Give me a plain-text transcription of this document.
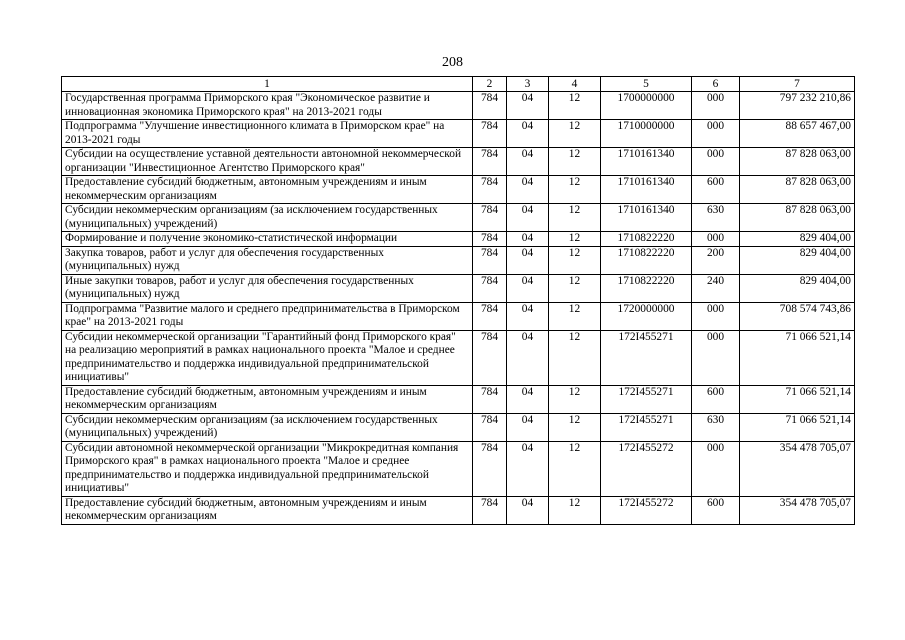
208
1	2	3	4	5	6	7
Государственная программа Приморского края "Экономическое развитие и инновационная экономика Приморского края" на 2013-2021 годы	784	04	12	1700000000	000	797 232 210,86
Подпрограмма "Улучшение инвестиционного климата в Приморском крае" на 2013-2021 годы	784	04	12	1710000000	000	88 657 467,00
Субсидии на осуществление уставной деятельности автономной некоммерческой организации "Инвестиционное Агентство Приморского края"	784	04	12	1710161340	000	87 828 063,00
Предоставление субсидий бюджетным, автономным учреждениям и иным некоммерческим организациям	784	04	12	1710161340	600	87 828 063,00
Субсидии некоммерческим организациям (за исключением государственных (муниципальных) учреждений)	784	04	12	1710161340	630	87 828 063,00
Формирование и получение экономико-статистической информации	784	04	12	1710822220	000	829 404,00
Закупка товаров, работ и услуг для обеспечения государственных (муниципальных) нужд	784	04	12	1710822220	200	829 404,00
Иные закупки товаров, работ и услуг для обеспечения государственных (муниципальных) нужд	784	04	12	1710822220	240	829 404,00
Подпрограмма "Развитие малого и среднего предпринимательства в Приморском крае" на 2013-2021 годы	784	04	12	1720000000	000	708 574 743,86
Субсидии некоммерческой организации "Гарантийный фонд Приморского края" на реализацию мероприятий в рамках национального проекта "Малое и среднее предпринимательство и поддержка индивидуальной предпринимательской инициативы"	784	04	12	172I455271	000	71 066 521,14
Предоставление субсидий бюджетным, автономным учреждениям и иным некоммерческим организациям	784	04	12	172I455271	600	71 066 521,14
Субсидии некоммерческим организациям (за исключением государственных (муниципальных) учреждений)	784	04	12	172I455271	630	71 066 521,14
Субсидии автономной некоммерческой организации "Микрокредитная компания Приморского края" в рамках национального проекта "Малое и среднее предпринимательство и поддержка индивидуальной предпринимательской инициативы"	784	04	12	172I455272	000	354 478 705,07
Предоставление субсидий бюджетным, автономным учреждениям и иным некоммерческим организациям	784	04	12	172I455272	600	354 478 705,07
